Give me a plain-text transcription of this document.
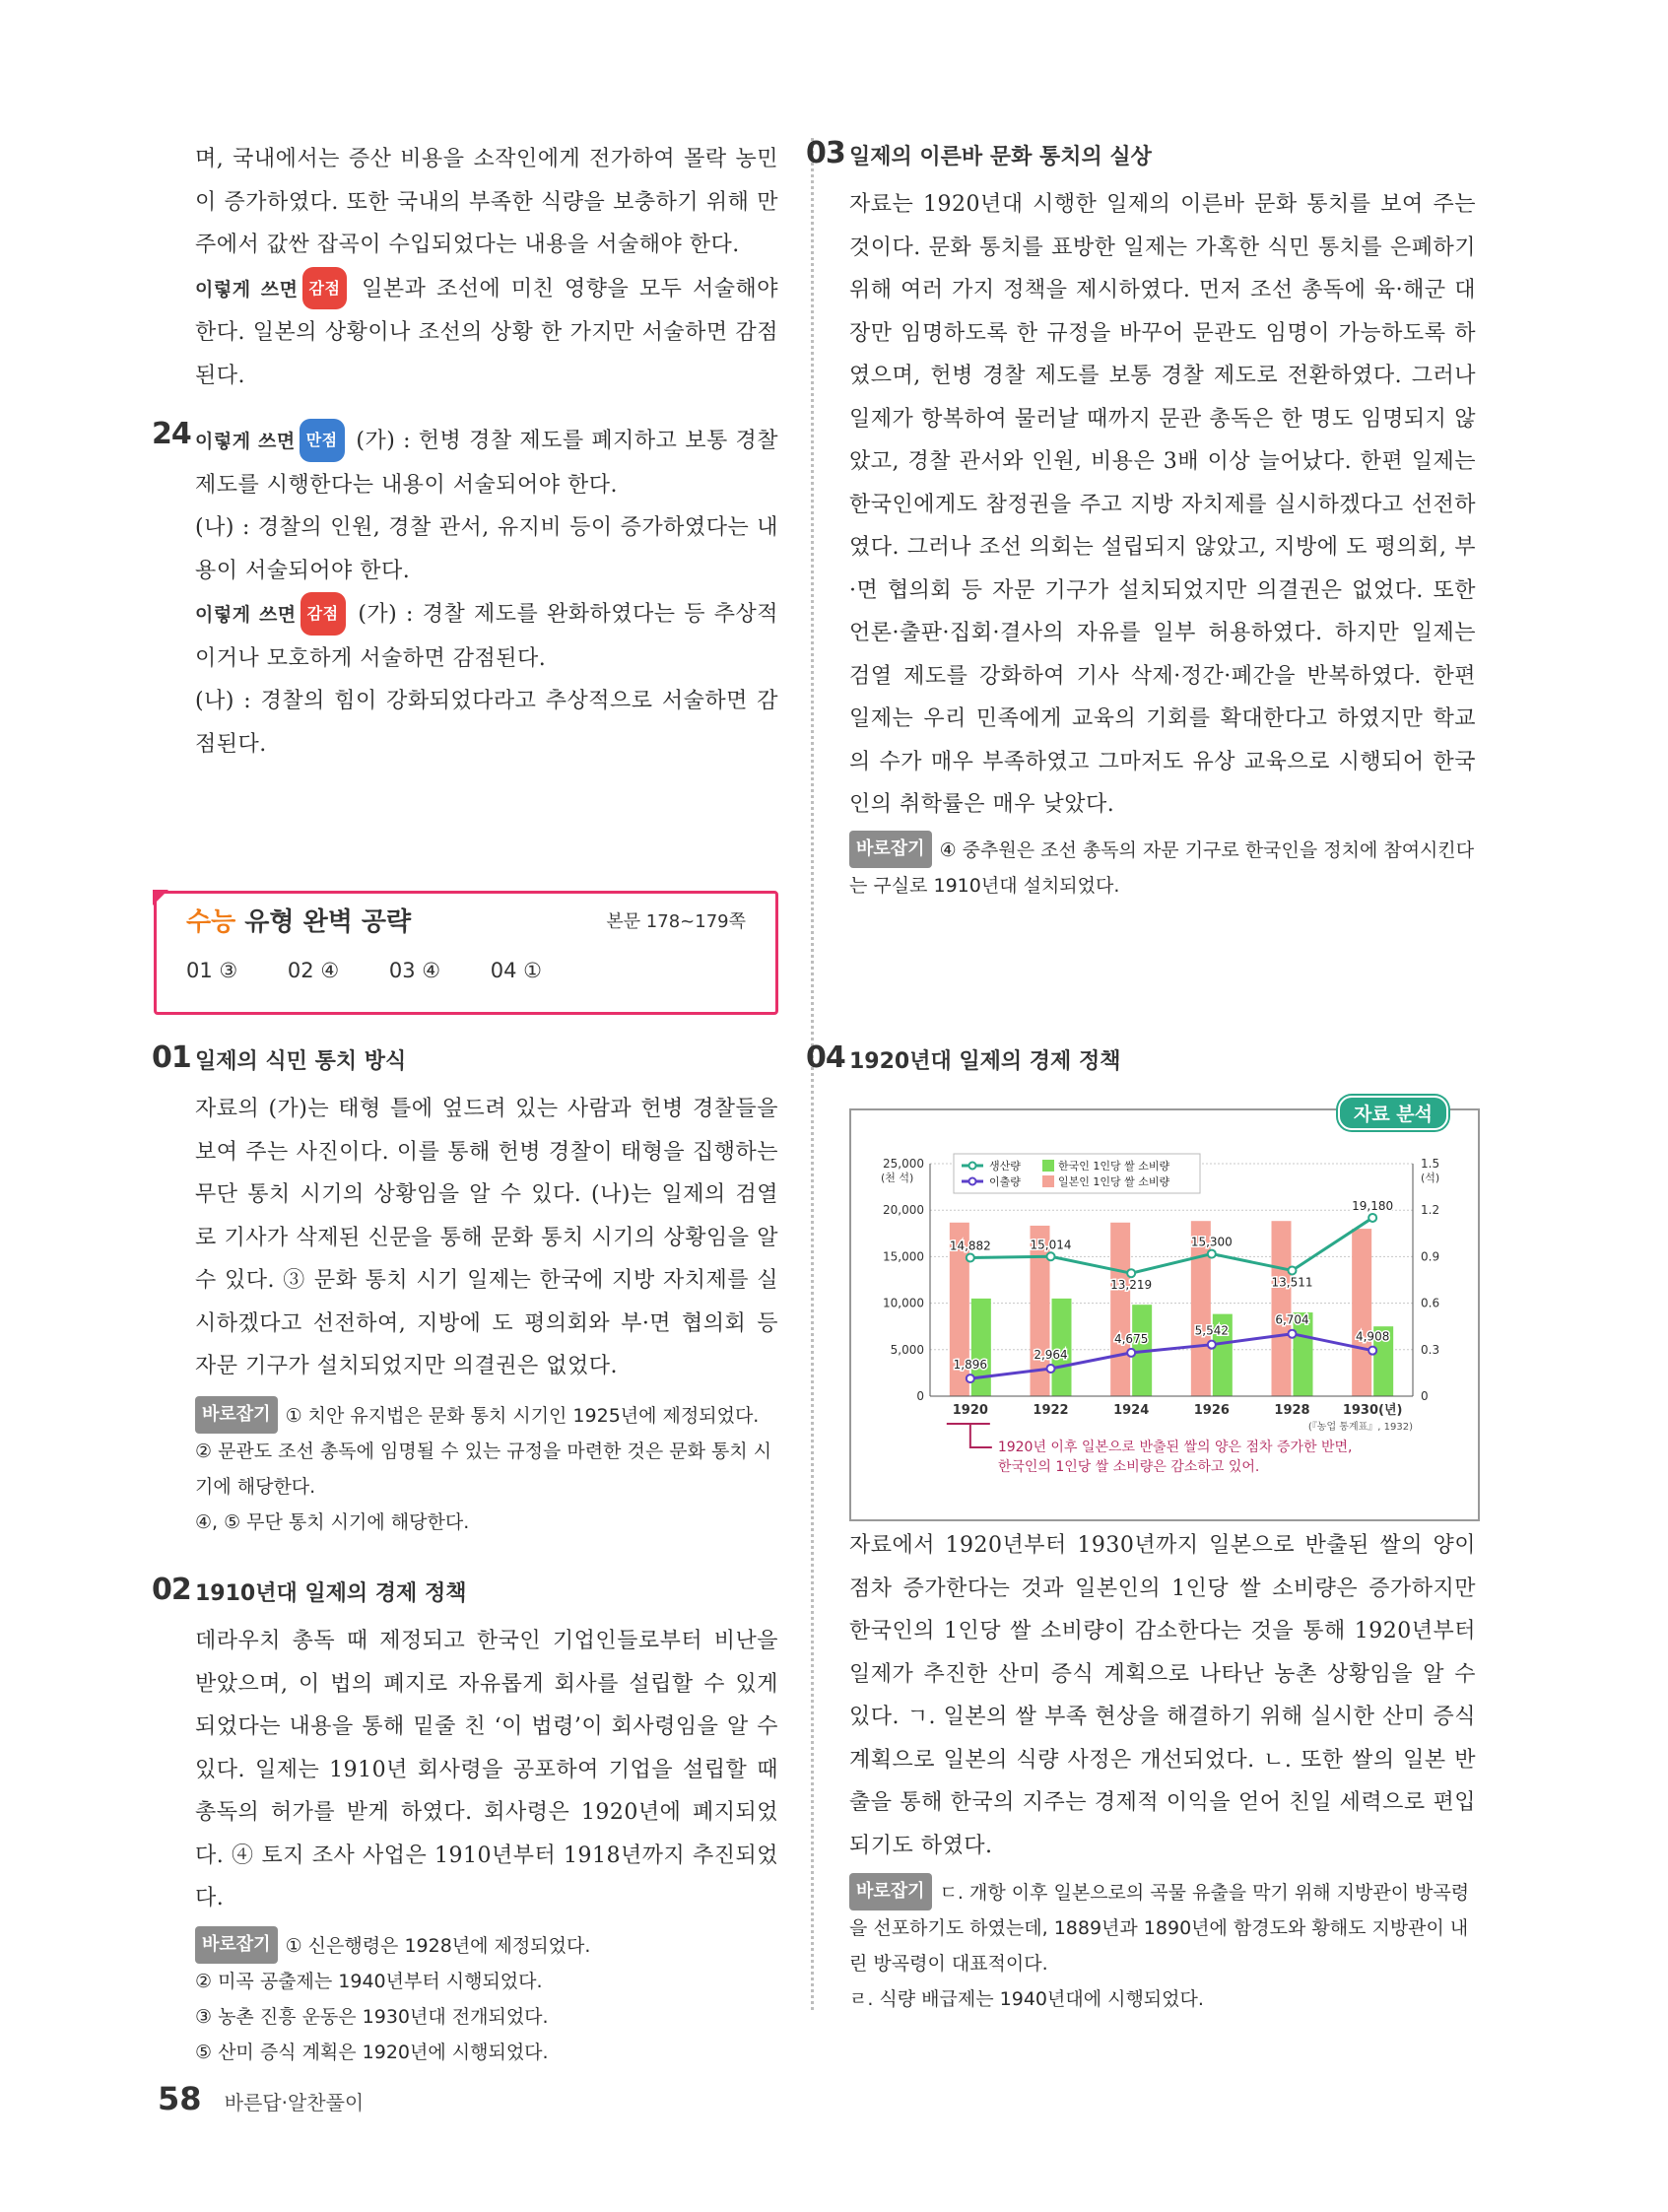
며, 국내에서는 증산 비용을 소작인에게 전가하여 몰락 농민이 증가하였다. 또한 국내의 부족한 식량을 보충하기 위해 만주에서 값싼 잡곡이 수입되었다는 내용을 서술해야 한다.

이렇게 쓰면 감점 일본과 조선에 미친 영향을 모두 서술해야 한다. 일본의 상황이나 조선의 상황 한 가지만 서술하면 감점된다.

24 이렇게 쓰면 만점 (가) : 헌병 경찰 제도를 폐지하고 보통 경찰 제도를 시행한다는 내용이 서술되어야 한다.

(나) : 경찰의 인원, 경찰 관서, 유지비 등이 증가하였다는 내용이 서술되어야 한다.

이렇게 쓰면 감점 (가) : 경찰 제도를 완화하였다는 등 추상적이거나 모호하게 서술하면 감점된다.

(나) : 경찰의 힘이 강화되었다라고 추상적으로 서술하면 감점된다.

수능 유형 완벽 공략	본문 178~179쪽
01 ③ 02 ④ 03 ④ 04 ①
01 일제의 식민 통치 방식

자료의 (가)는 태형 틀에 엎드려 있는 사람과 헌병 경찰들을 보여 주는 사진이다. 이를 통해 헌병 경찰이 태형을 집행하는 무단 통치 시기의 상황임을 알 수 있다. (나)는 일제의 검열로 기사가 삭제된 신문을 통해 문화 통치 시기의 상황임을 알 수 있다. ③ 문화 통치 시기 일제는 한국에 지방 자치제를 실시하겠다고 선전하여, 지방에 도 평의회와 부·면 협의회 등 자문 기구가 설치되었지만 의결권은 없었다.

바로잡기 ① 치안 유지법은 문화 통치 시기인 1925년에 제정되었다.

② 문관도 조선 총독에 임명될 수 있는 규정을 마련한 것은 문화 통치 시기에 해당한다.

④, ⑤ 무단 통치 시기에 해당한다.

02 1910년대 일제의 경제 정책

데라우치 총독 때 제정되고 한국인 기업인들로부터 비난을 받았으며, 이 법의 폐지로 자유롭게 회사를 설립할 수 있게 되었다는 내용을 통해 밑줄 친 ‘이 법령’이 회사령임을 알 수 있다. 일제는 1910년 회사령을 공포하여 기업을 설립할 때 총독의 허가를 받게 하였다. 회사령은 1920년에 폐지되었다. ④ 토지 조사 사업은 1910년부터 1918년까지 추진되었다.

바로잡기 ① 신은행령은 1928년에 제정되었다.

② 미곡 공출제는 1940년부터 시행되었다.

③ 농촌 진흥 운동은 1930년대 전개되었다.

⑤ 산미 증식 계획은 1920년에 시행되었다.

03 일제의 이른바 문화 통치의 실상

자료는 1920년대 시행한 일제의 이른바 문화 통치를 보여 주는 것이다. 문화 통치를 표방한 일제는 가혹한 식민 통치를 은폐하기 위해 여러 가지 정책을 제시하였다. 먼저 조선 총독에 육·해군 대장만 임명하도록 한 규정을 바꾸어 문관도 임명이 가능하도록 하였으며, 헌병 경찰 제도를 보통 경찰 제도로 전환하였다. 그러나 일제가 항복하여 물러날 때까지 문관 총독은 한 명도 임명되지 않았고, 경찰 관서와 인원, 비용은 3배 이상 늘어났다. 한편 일제는 한국인에게도 참정권을 주고 지방 자치제를 실시하겠다고 선전하였다. 그러나 조선 의회는 설립되지 않았고, 지방에 도 평의회, 부·면 협의회 등 자문 기구가 설치되었지만 의결권은 없었다. 또한 언론·출판·집회·결사의 자유를 일부 허용하였다. 하지만 일제는 검열 제도를 강화하여 기사 삭제·정간·폐간을 반복하였다. 한편 일제는 우리 민족에게 교육의 기회를 확대한다고 하였지만 학교의 수가 매우 부족하였고 그마저도 유상 교육으로 시행되어 한국인의 취학률은 매우 낮았다.

바로잡기 ④ 중추원은 조선 총독의 자문 기구로 한국인을 정치에 참여시킨다는 구실로 1910년대 설치되었다.

04 1920년대 일제의 경제 정책
자료 분석
14,882	15,014
13,219
15,300
13,511
19,180
1,896
2,964
4,675
5,542
6,704
4,908
25,000	1.5
20,000	1.2
15,000	0.9
10,000	0.6
5,000	0.3
0	0
(천 석)	(석)
1920	1922	1924	1926	1928	1930(년)
(『농업 통계표』, 1932)
생산량
이출량
한국인 1인당 쌀 소비량
일본인 1인당 쌀 소비량
1920년 이후 일본으로 반출된 쌀의 양은 점차 증가한 반면,
한국인의 1인당 쌀 소비량은 감소하고 있어.

자료에서 1920년부터 1930년까지 일본으로 반출된 쌀의 양이 점차 증가한다는 것과 일본인의 1인당 쌀 소비량은 증가하지만 한국인의 1인당 쌀 소비량이 감소한다는 것을 통해 1920년부터 일제가 추진한 산미 증식 계획으로 나타난 농촌 상황임을 알 수 있다. ㄱ. 일본의 쌀 부족 현상을 해결하기 위해 실시한 산미 증식 계획으로 일본의 식량 사정은 개선되었다. ㄴ. 또한 쌀의 일본 반출을 통해 한국의 지주는 경제적 이익을 얻어 친일 세력으로 편입되기도 하였다.

바로잡기 ㄷ. 개항 이후 일본으로의 곡물 유출을 막기 위해 지방관이 방곡령을 선포하기도 하였는데, 1889년과 1890년에 함경도와 황해도 지방관이 내린 방곡령이 대표적이다.

ㄹ. 식량 배급제는 1940년대에 시행되었다.

58 바른답·알찬풀이
